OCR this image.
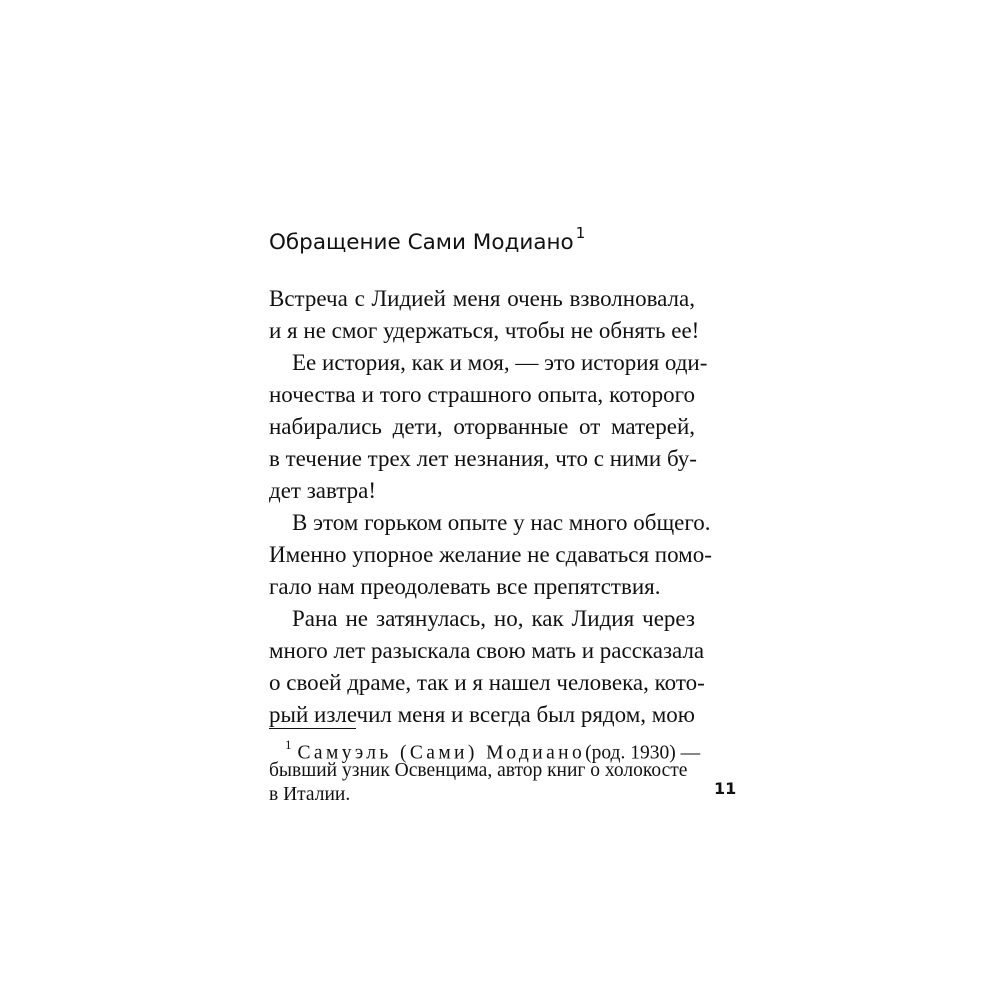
Обращение Сами Модиано $^1$
Встреча с Лидией меня очень взволновала,
и я не смог удержаться, чтобы не обнять ее!
Ее история, как и моя, — это история оди-
ночества и того страшного опыта, которого
набирались дети, оторванные от матерей,
в течение трех лет незнания, что с ними бу-
дет завтра!
В этом горьком опыте у нас много общего.
Именно упорное желание не сдаваться помо-
гало нам преодолевать все препятствия.
Рана не затянулась, но, как Лидия через
много лет разыскала свою мать и рассказала
о своей драме, так и я нашел человека, кото-
рый излечил меня и всегда был рядом, мою
$^1$ Самуэль (Сами) Модиано(род. 1930) —
бывший узник Освенцима, автор книг о холокосте
в Италии.	11
